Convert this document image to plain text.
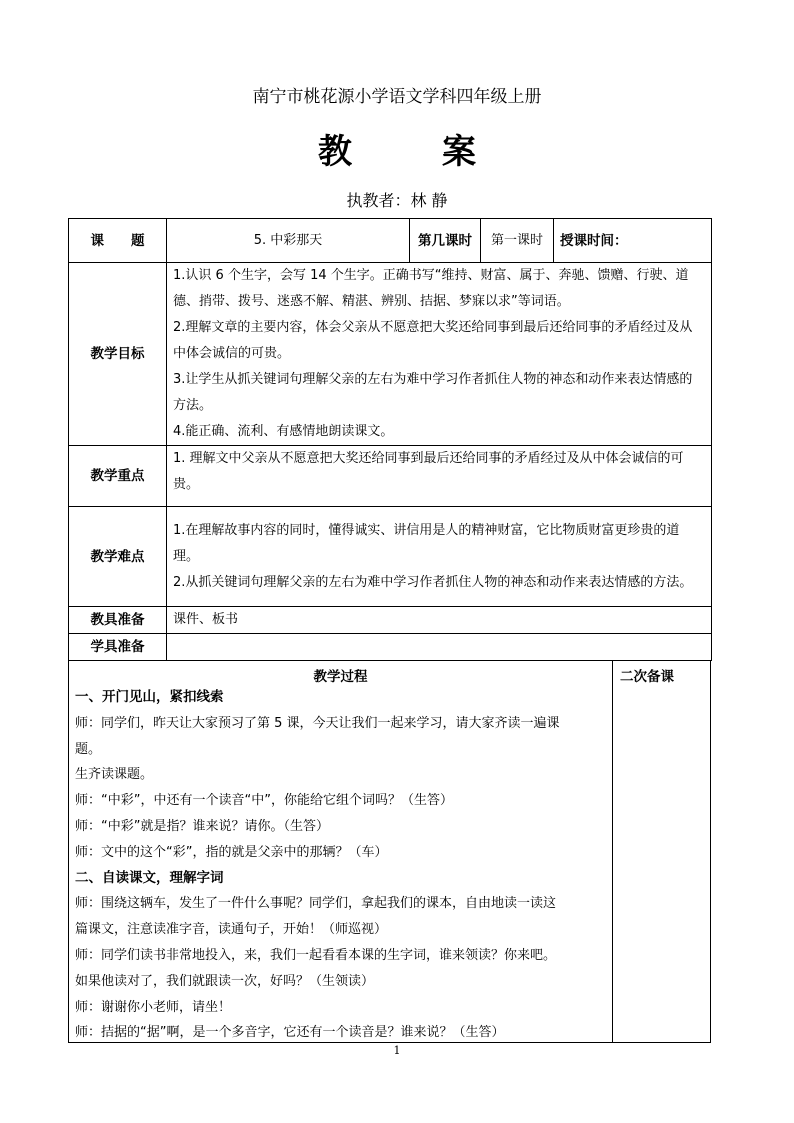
南宁市桃花源小学语文学科四年级上册
教　案
执教者：林 静
课　　题	5. 中彩那天	第几课时	第一课时	授课时间：
教学目标	1.认识 6 个生字，会写 14 个生字。正确书写“维持、财富、属于、奔驰、馈赠、行驶、道德、捎带、拨号、迷惑不解、精湛、辨别、拮据、梦寐以求”等词语。
2.理解文章的主要内容，体会父亲从不愿意把大奖还给同事到最后还给同事的矛盾经过及从中体会诚信的可贵。
3.让学生从抓关键词句理解父亲的左右为难中学习作者抓住人物的神态和动作来表达情感的方法。
4.能正确、流利、有感情地朗读课文。			

教学重点	1. 理解文中父亲从不愿意把大奖还给同事到最后还给同事的矛盾经过及从中体会诚信的可贵。			
教学难点	1.在理解故事内容的同时，懂得诚实、讲信用是人的精神财富，它比物质财富更珍贵的道理。
2.从抓关键词句理解父亲的左右为难中学习作者抓住人物的神态和动作来表达情感的方法。			

教具准备	课件、板书			
学具准备				
教学过程	二次备课
一、开门见山，紧扣线索
师：同学们，昨天让大家预习了第 5 课，今天让我们一起来学习，请大家齐读一遍课
题。
生齐读课题。
师：“中彩”，中还有一个读音“中”，你能给它组个词吗？（生答）
师：“中彩”就是指？谁来说？请你。（生答）
师：文中的这个“彩”，指的就是父亲中的那辆？（车）
二、自读课文，理解字词
师：围绕这辆车，发生了一件什么事呢？同学们，拿起我们的课本，自由地读一读这
篇课文，注意读准字音，读通句子，开始！（师巡视）
师：同学们读书非常地投入，来，我们一起看看本课的生字词，谁来领读？你来吧。
如果他读对了，我们就跟读一次，好吗？（生领读）
师：谢谢你小老师，请坐！
师：拮据的“据”啊，是一个多音字，它还有一个读音是？谁来说？（生答）
1
